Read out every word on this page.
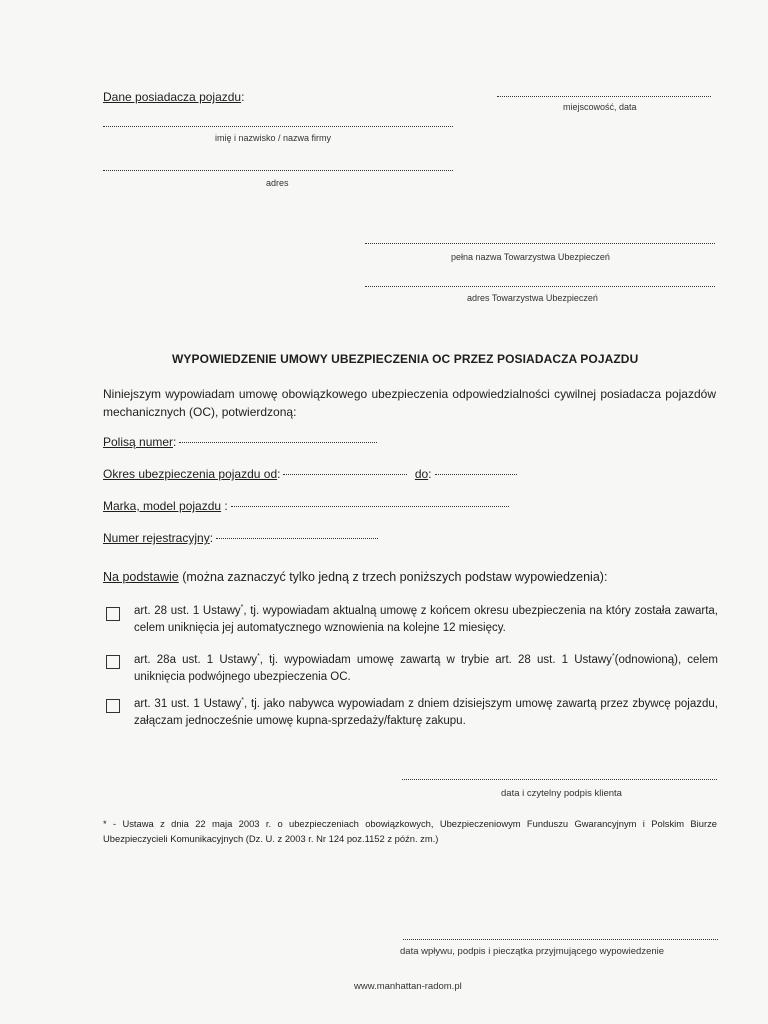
Dane posiadacza pojazdu:
miejscowość, data
imię i nazwisko / nazwa firmy
adres
pełna nazwa Towarzystwa Ubezpieczeń
adres Towarzystwa Ubezpieczeń
WYPOWIEDZENIE UMOWY UBEZPIECZENIA OC PRZEZ POSIADACZA POJAZDU
Niniejszym wypowiadam umowę obowiązkowego ubezpieczenia odpowiedzialności cywilnej posiadacza pojazdów mechanicznych (OC), potwierdzoną:
Polisą numer:
Okres ubezpieczenia pojazdu od:	do:
Marka, model pojazdu :
Numer rejestracyjny:
Na podstawie (można zaznaczyć tylko jedną z trzech poniższych podstaw wypowiedzenia):
art. 28 ust. 1 Ustawy*, tj. wypowiadam aktualną umowę z końcem okresu ubezpieczenia na który została zawarta, celem uniknięcia jej automatycznego wznowienia na kolejne 12 miesięcy.
art. 28a ust. 1 Ustawy*, tj. wypowiadam umowę zawartą w trybie art. 28 ust. 1 Ustawy*(odnowioną), celem uniknięcia podwójnego ubezpieczenia OC.
art. 31 ust. 1 Ustawy*, tj. jako nabywca wypowiadam z dniem dzisiejszym umowę zawartą przez zbywcę pojazdu, załączam jednocześnie umowę kupna-sprzedaży/fakturę zakupu.
data i czytelny podpis klienta
* - Ustawa z dnia 22 maja 2003 r. o ubezpieczeniach obowiązkowych, Ubezpieczeniowym Funduszu Gwarancyjnym i Polskim Biurze Ubezpieczycieli Komunikacyjnych (Dz. U. z 2003 r. Nr 124 poz.1152 z późn. zm.)
data wpływu, podpis i pieczątka przyjmującego wypowiedzenie
www.manhattan-radom.pl
